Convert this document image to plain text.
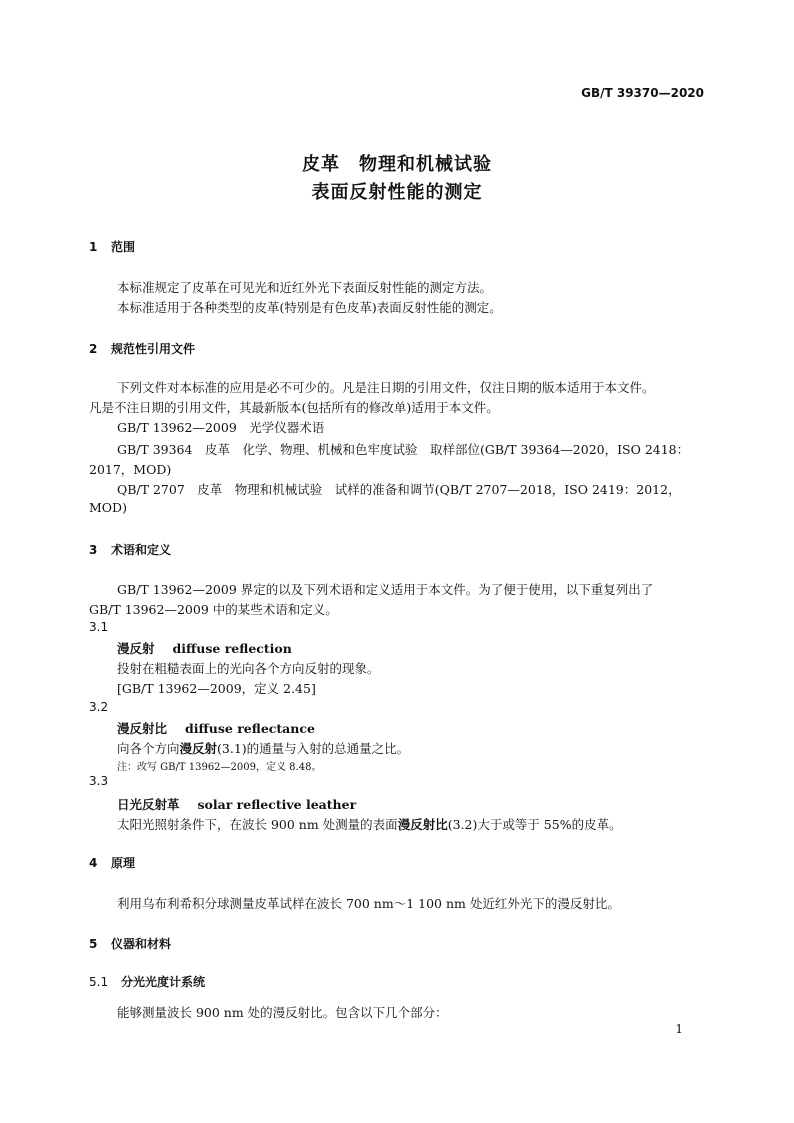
GB/T 39370—2020
皮革　物理和机械试验
表面反射性能的测定
1 范围
本标准规定了皮革在可见光和近红外光下表面反射性能的测定方法。
本标准适用于各种类型的皮革(特别是有色皮革)表面反射性能的测定。
2 规范性引用文件
下列文件对本标准的应用是必不可少的。凡是注日期的引用文件，仅注日期的版本适用于本文件。
凡是不注日期的引用文件，其最新版本(包括所有的修改单)适用于本文件。
GB/T 13962—2009　光学仪器术语
GB/T 39364　皮革　化学、物理、机械和色牢度试验　取样部位(GB/T 39364—2020，ISO 2418：
2017，MOD)
QB/T 2707　皮革　物理和机械试验　试样的准备和调节(QB/T 2707—2018，ISO 2419：2012，
MOD)
3 术语和定义
GB/T 13962—2009 界定的以及下列术语和定义适用于本文件。为了便于使用，以下重复列出了
GB/T 13962—2009 中的某些术语和定义。
3.1
漫反射 diffuse reflection
投射在粗糙表面上的光向各个方向反射的现象。
[GB/T 13962—2009，定义 2.45]
3.2
漫反射比 diffuse reflectance
向各个方向漫反射(3.1)的通量与入射的总通量之比。
注：改写 GB/T 13962—2009，定义 8.48。
3.3
日光反射革 solar reflective leather
太阳光照射条件下，在波长 900 nm 处测量的表面漫反射比(3.2)大于或等于 55%的皮革。
4 原理
利用乌布利希积分球测量皮革试样在波长 700 nm～1 100 nm 处近红外光下的漫反射比。
5 仪器和材料
5.1 分光光度计系统
能够测量波长 900 nm 处的漫反射比。包含以下几个部分：
1
